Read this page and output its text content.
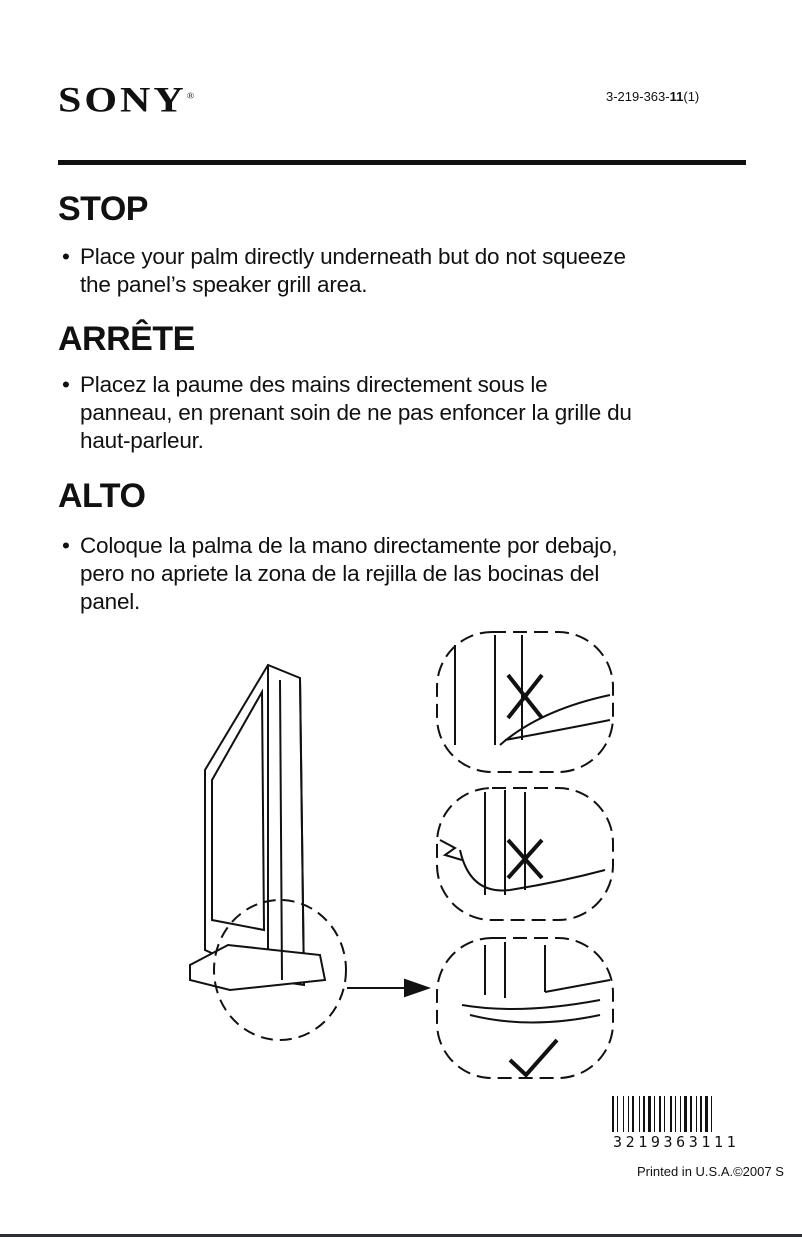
SONY®	3-219-363-11(1)
STOP
• Place your palm directly underneath but do not squeeze
the panel’s speaker grill area.
ARRÊTE
• Placez la paume des mains directement sous le
panneau, en prenant soin de ne pas enfoncer la grille du
haut-parleur.
ALTO
• Coloque la palma de la mano directamente por debajo,
pero no apriete la zona de la rejilla de las bocinas del
panel.
3219363111
Printed in U.S.A.©2007 S
